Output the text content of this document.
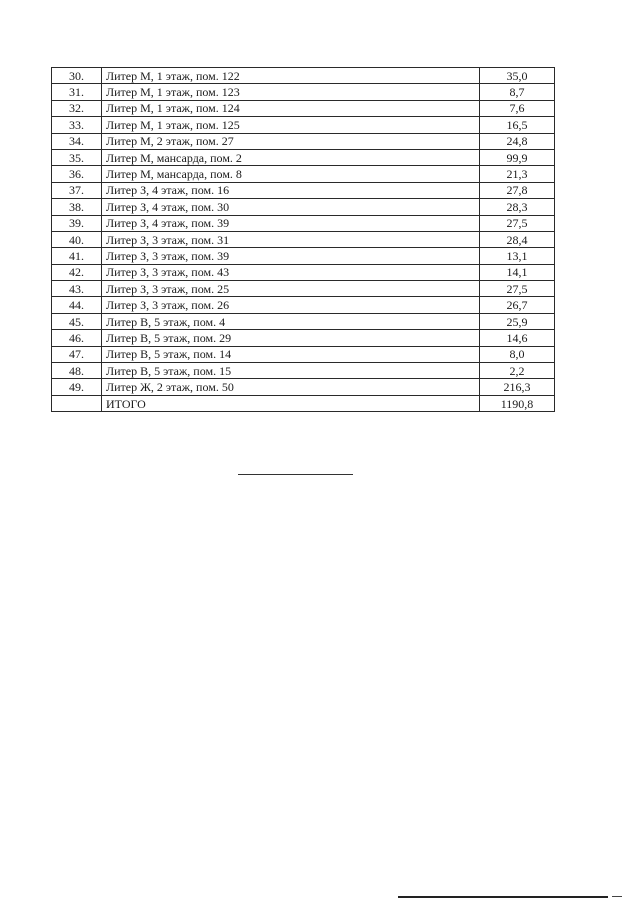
30.	Литер М, 1 этаж, пом. 122	35,0
31.	Литер М, 1 этаж, пом. 123	8,7
32.	Литер М, 1 этаж, пом. 124	7,6
33.	Литер М, 1 этаж, пом. 125	16,5
34.	Литер М, 2 этаж, пом. 27	24,8
35.	Литер М, мансарда, пом. 2	99,9
36.	Литер М, мансарда, пом. 8	21,3
37.	Литер З, 4 этаж, пом. 16	27,8
38.	Литер З, 4 этаж, пом. 30	28,3
39.	Литер З, 4 этаж, пом. 39	27,5
40.	Литер З, 3 этаж, пом. 31	28,4
41.	Литер З, 3 этаж, пом. 39	13,1
42.	Литер З, 3 этаж, пом. 43	14,1
43.	Литер З, 3 этаж, пом. 25	27,5
44.	Литер З, 3 этаж, пом. 26	26,7
45.	Литер В, 5 этаж, пом. 4	25,9
46.	Литер В, 5 этаж, пом. 29	14,6
47.	Литер В, 5 этаж, пом. 14	8,0
48.	Литер В, 5 этаж, пом. 15	2,2
49.	Литер Ж, 2 этаж, пом. 50	216,3
	ИТОГО	1190,8
